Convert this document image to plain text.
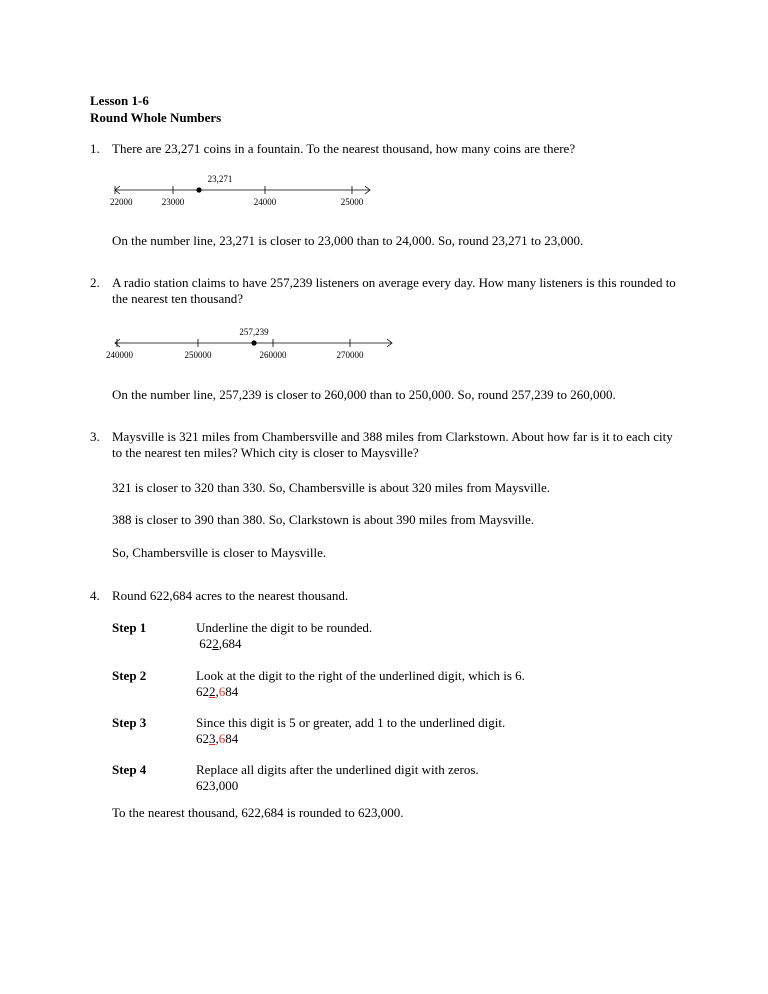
Lesson 1-6
Round Whole Numbers
1. There are 23,271 coins in a fountain. To the nearest thousand, how many coins are there?
23,271
22000	23000	24000	25000
On the number line, 23,271 is closer to 23,000 than to 24,000. So, round 23,271 to 23,000.
2. A radio station claims to have 257,239 listeners on average every day. How many listeners is this rounded to the nearest ten thousand?
257,239
240000	250000	260000	270000
On the number line, 257,239 is closer to 260,000 than to 250,000. So, round 257,239 to 260,000.
3. Maysville is 321 miles from Chambersville and 388 miles from Clarkstown. About how far is it to each city to the nearest ten miles? Which city is closer to Maysville?
321 is closer to 320 than 330. So, Chambersville is about 320 miles from Maysville.
388 is closer to 390 than 380. So, Clarkstown is about 390 miles from Maysville.
So, Chambersville is closer to Maysville.
4. Round 622,684 acres to the nearest thousand.
Step 1	Underline the digit to be rounded.
622,684
Step 2	Look at the digit to the right of the underlined digit, which is 6.
622,684
Step 3	Since this digit is 5 or greater, add 1 to the underlined digit.
623,684
Step 4	Replace all digits after the underlined digit with zeros.
623,000
To the nearest thousand, 622,684 is rounded to 623,000.
